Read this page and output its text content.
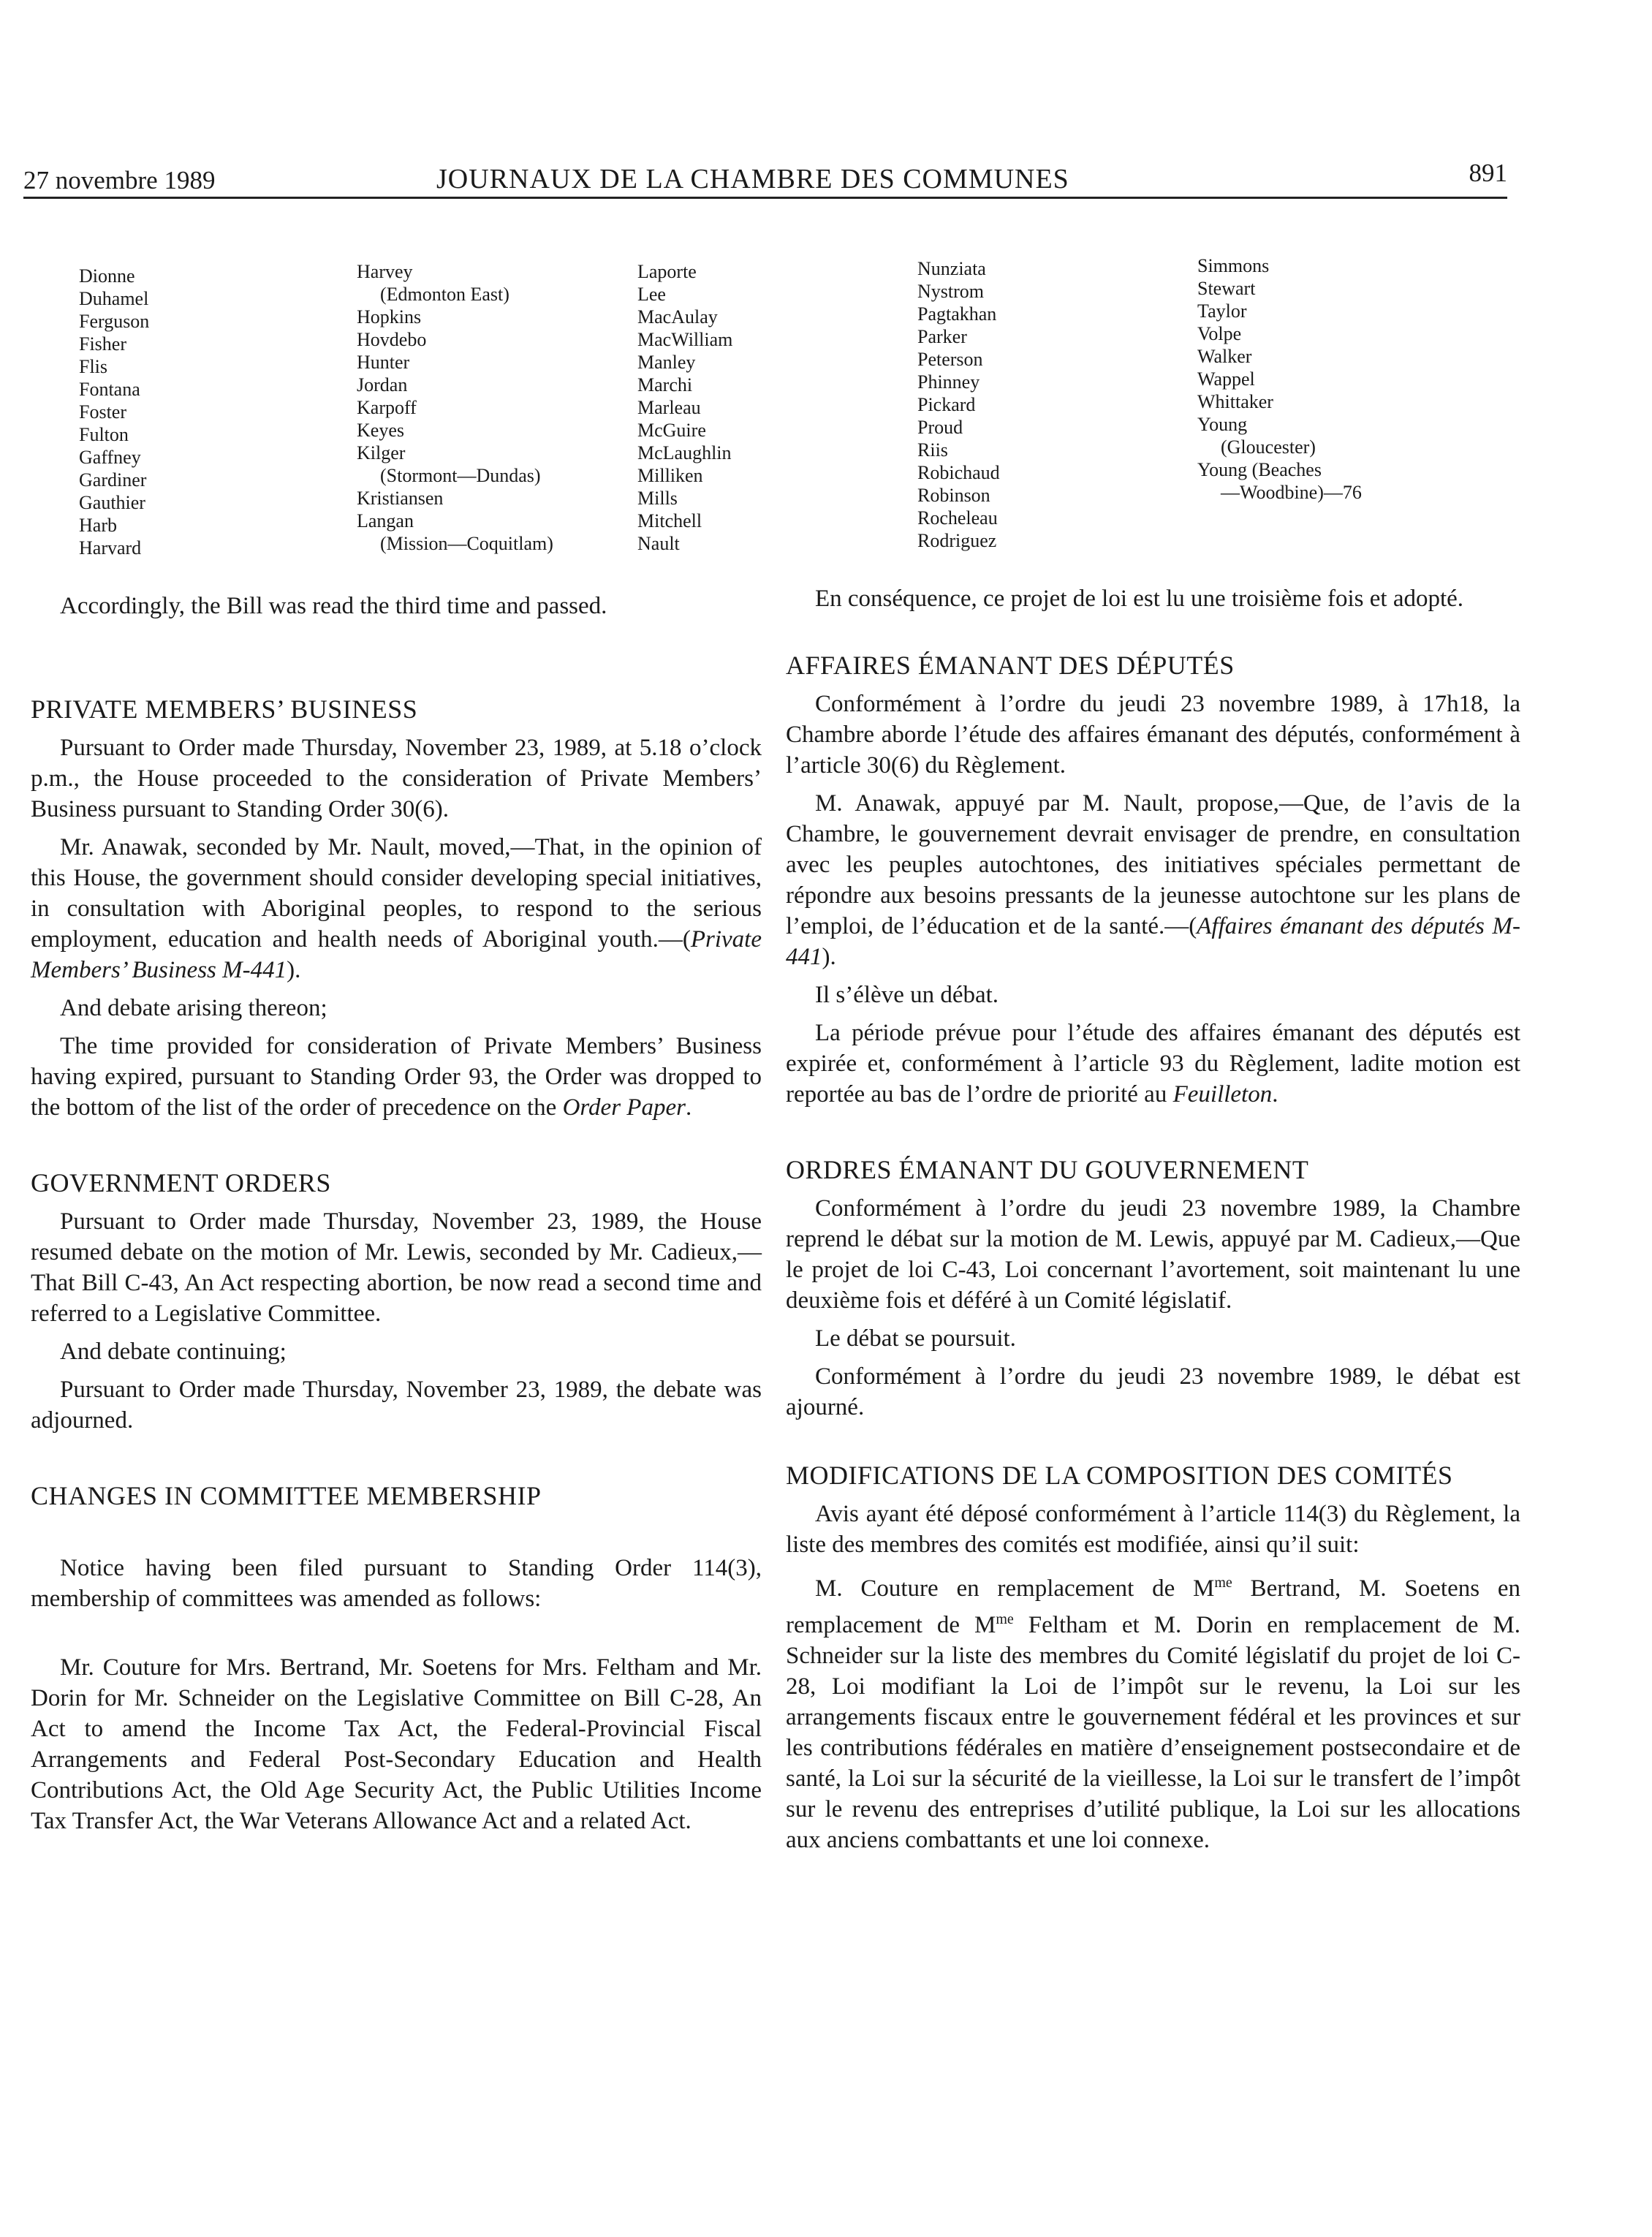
27 novembre 1989	JOURNAUX DE LA CHAMBRE DES COMMUNES	891
Dionne
Duhamel
Ferguson
Fisher
Flis
Fontana
Foster
Fulton
Gaffney
Gardiner
Gauthier
Harb
Harvard
Harvey
(Edmonton East)
Hopkins
Hovdebo
Hunter
Jordan
Karpoff
Keyes
Kilger
(Stormont—Dundas)
Kristiansen
Langan
(Mission—Coquitlam)
Laporte
Lee
MacAulay
MacWilliam
Manley
Marchi
Marleau
McGuire
McLaughlin
Milliken
Mills
Mitchell
Nault
Nunziata
Nystrom
Pagtakhan
Parker
Peterson
Phinney
Pickard
Proud
Riis
Robichaud
Robinson
Rocheleau
Rodriguez
Simmons
Stewart
Taylor
Volpe
Walker
Wappel
Whittaker
Young
(Gloucester)
Young (Beaches
—Woodbine)—76

Accordingly, the Bill was read the third time and passed.

PRIVATE MEMBERS’ BUSINESS

Pursuant to Order made Thursday, November 23, 1989, at 5.18 o’clock p.m., the House proceeded to the consideration of Private Members’ Business pursuant to Standing Order 30(6).

Mr. Anawak, seconded by Mr. Nault, moved,—That, in the opinion of this House, the government should consider developing special initiatives, in consultation with Aboriginal peoples, to respond to the serious employment, education and health needs of Aboriginal youth.—(Private Members’ Business M-441).

And debate arising thereon;

The time provided for consideration of Private Members’ Business having expired, pursuant to Standing Order 93, the Order was dropped to the bottom of the list of the order of precedence on the Order Paper.

GOVERNMENT ORDERS

Pursuant to Order made Thursday, November 23, 1989, the House resumed debate on the motion of Mr. Lewis, seconded by Mr. Cadieux,—That Bill C-43, An Act respecting abortion, be now read a second time and referred to a Legislative Committee.

And debate continuing;

Pursuant to Order made Thursday, November 23, 1989, the debate was adjourned.

CHANGES IN COMMITTEE MEMBERSHIP

Notice having been filed pursuant to Standing Order 114(3), membership of committees was amended as follows:

Mr. Couture for Mrs. Bertrand, Mr. Soetens for Mrs. Feltham and Mr. Dorin for Mr. Schneider on the Legislative Committee on Bill C-28, An Act to amend the Income Tax Act, the Federal-Provincial Fiscal Arrangements and Federal Post-Secondary Education and Health Contributions Act, the Old Age Security Act, the Public Utilities Income Tax Transfer Act, the War Veterans Allowance Act and a related Act.

En conséquence, ce projet de loi est lu une troisième fois et adopté.

AFFAIRES ÉMANANT DES DÉPUTÉS

Conformément à l’ordre du jeudi 23 novembre 1989, à 17h18, la Chambre aborde l’étude des affaires émanant des députés, conformément à l’article 30(6) du Règlement.

M. Anawak, appuyé par M. Nault, propose,—Que, de l’avis de la Chambre, le gouvernement devrait envisager de prendre, en consultation avec les peuples autochtones, des initiatives spéciales permettant de répondre aux besoins pressants de la jeunesse autochtone sur les plans de l’emploi, de l’éducation et de la santé.—(Affaires émanant des députés M-441).

Il s’élève un débat.

La période prévue pour l’étude des affaires émanant des députés est expirée et, conformément à l’article 93 du Règlement, ladite motion est reportée au bas de l’ordre de priorité au Feuilleton.

ORDRES ÉMANANT DU GOUVERNEMENT

Conformément à l’ordre du jeudi 23 novembre 1989, la Chambre reprend le débat sur la motion de M. Lewis, appuyé par M. Cadieux,—Que le projet de loi C-43, Loi concernant l’avortement, soit maintenant lu une deuxième fois et déféré à un Comité législatif.

Le débat se poursuit.

Conformément à l’ordre du jeudi 23 novembre 1989, le débat est ajourné.

MODIFICATIONS DE LA COMPOSITION DES COMITÉS

Avis ayant été déposé conformément à l’article 114(3) du Règlement, la liste des membres des comités est modifiée, ainsi qu’il suit:

M. Couture en remplacement de $M^{me}$ Bertrand, M. Soetens en remplacement de $M^{me}$ Feltham et M. Dorin en remplacement de M. Schneider sur la liste des membres du Comité législatif du projet de loi C-28, Loi modifiant la Loi de l’impôt sur le revenu, la Loi sur les arrangements fiscaux entre le gouvernement fédéral et les provinces et sur les contributions fédérales en matière d’enseignement postsecondaire et de santé, la Loi sur la sécurité de la vieillesse, la Loi sur le transfert de l’impôt sur le revenu des entreprises d’utilité publique, la Loi sur les allocations aux anciens combattants et une loi connexe.
